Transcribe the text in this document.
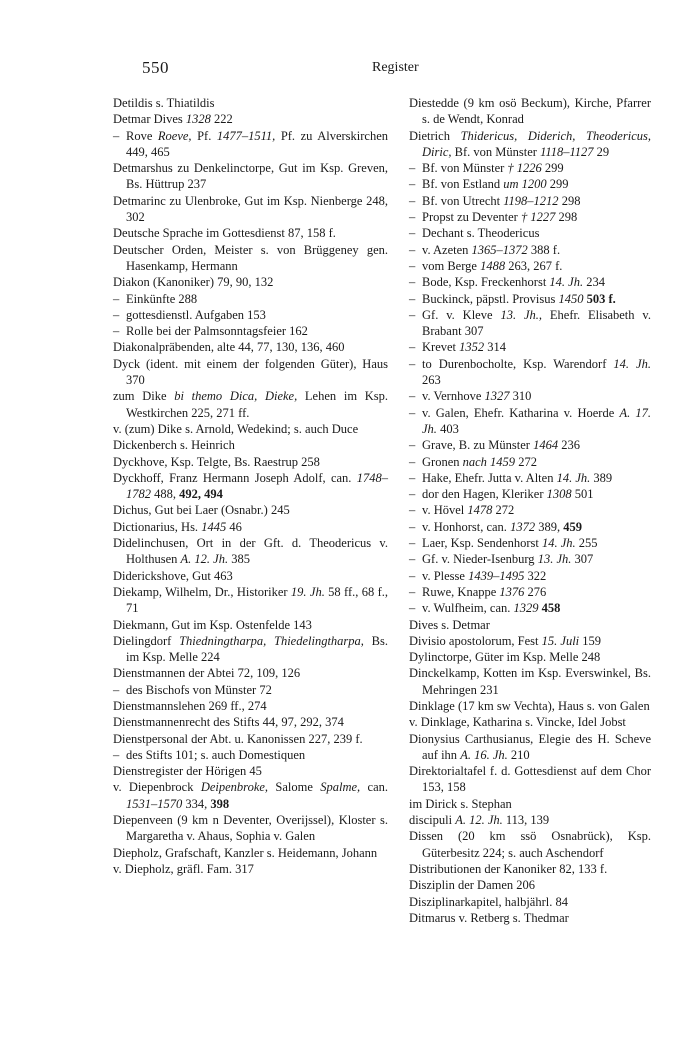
550	Register

Detildis s. Thiatildis

Detmar Dives 1328 222

– Rove Roeve, Pf. 1477–1511, Pf. zu Alverskirchen 449, 465

Detmarshus zu Denkelinctorpe, Gut im Ksp. Greven, Bs. Hüttrup 237

Detmarinc zu Ulenbroke, Gut im Ksp. Nienberge 248, 302

Deutsche Sprache im Gottesdienst 87, 158 f.

Deutscher Orden, Meister s. von Brüggeney gen. Hasenkamp, Hermann

Diakon (Kanoniker) 79, 90, 132

– Einkünfte 288

– gottesdienstl. Aufgaben 153

– Rolle bei der Palmsonntagsfeier 162

Diakonalpräbenden, alte 44, 77, 130, 136, 460

Dyck (ident. mit einem der folgenden Güter), Haus 370

zum Dike bi themo Dica, Dieke, Lehen im Ksp. Westkirchen 225, 271 ff.

v. (zum) Dike s. Arnold, Wedekind; s. auch Duce

Dickenberch s. Heinrich

Dyckhove, Ksp. Telgte, Bs. Raestrup 258

Dyckhoff, Franz Hermann Joseph Adolf, can. 1748–1782 488, 492, 494

Dichus, Gut bei Laer (Osnabr.) 245

Dictionarius, Hs. 1445 46

Didelinchusen, Ort in der Gft. d. Theodericus v. Holthusen A. 12. Jh. 385

Diderickshove, Gut 463

Diekamp, Wilhelm, Dr., Historiker 19. Jh. 58 ff., 68 f., 71

Diekmann, Gut im Ksp. Ostenfelde 143

Dielingdorf Thiedningtharpa, Thiedelingtharpa, Bs. im Ksp. Melle 224

Dienstmannen der Abtei 72, 109, 126

– des Bischofs von Münster 72

Dienstmannslehen 269 ff., 274

Dienstmannenrecht des Stifts 44, 97, 292, 374

Dienstpersonal der Abt. u. Kanonissen 227, 239 f.

– des Stifts 101; s. auch Domestiquen

Dienstregister der Hörigen 45

v. Diepenbrock Deipenbroke, Salome Spalme, can. 1531–1570 334, 398

Diepenveen (9 km n Deventer, Overijssel), Kloster s. Margaretha v. Ahaus, Sophia v. Galen

Diepholz, Grafschaft, Kanzler s. Heidemann, Johann

v. Diepholz, gräfl. Fam. 317

Diestedde (9 km osö Beckum), Kirche, Pfarrer s. de Wendt, Konrad

Dietrich Thidericus, Diderich, Theodericus, Diric, Bf. von Münster 1118–1127 29

– Bf. von Münster † 1226 299

– Bf. von Estland um 1200 299

– Bf. von Utrecht 1198–1212 298

– Propst zu Deventer † 1227 298

– Dechant s. Theodericus

– v. Azeten 1365–1372 388 f.

– vom Berge 1488 263, 267 f.

– Bode, Ksp. Freckenhorst 14. Jh. 234

– Buckinck, päpstl. Provisus 1450 503 f.

– Gf. v. Kleve 13. Jh., Ehefr. Elisabeth v. Brabant 307

– Krevet 1352 314

– to Durenbocholte, Ksp. Warendorf 14. Jh. 263

– v. Vernhove 1327 310

– v. Galen, Ehefr. Katharina v. Hoerde A. 17. Jh. 403

– Grave, B. zu Münster 1464 236

– Gronen nach 1459 272

– Hake, Ehefr. Jutta v. Alten 14. Jh. 389

– dor den Hagen, Kleriker 1308 501

– v. Hövel 1478 272

– v. Honhorst, can. 1372 389, 459

– Laer, Ksp. Sendenhorst 14. Jh. 255

– Gf. v. Nieder-Isenburg 13. Jh. 307

– v. Plesse 1439–1495 322

– Ruwe, Knappe 1376 276

– v. Wulfheim, can. 1329 458

Dives s. Detmar

Divisio apostolorum, Fest 15. Juli 159

Dylinctorpe, Güter im Ksp. Melle 248

Dinckelkamp, Kotten im Ksp. Everswinkel, Bs. Mehringen 231

Dinklage (17 km sw Vechta), Haus s. von Galen

v. Dinklage, Katharina s. Vincke, Idel Jobst

Dionysius Carthusianus, Elegie des H. Scheve auf ihn A. 16. Jh. 210

Direktorialtafel f. d. Gottesdienst auf dem Chor 153, 158

im Dirick s. Stephan

discipuli A. 12. Jh. 113, 139

Dissen (20 km ssö Osnabrück), Ksp. Güterbesitz 224; s. auch Aschendorf

Distributionen der Kanoniker 82, 133 f.

Disziplin der Damen 206

Disziplinarkapitel, halbjährl. 84

Ditmarus v. Retberg s. Thedmar
